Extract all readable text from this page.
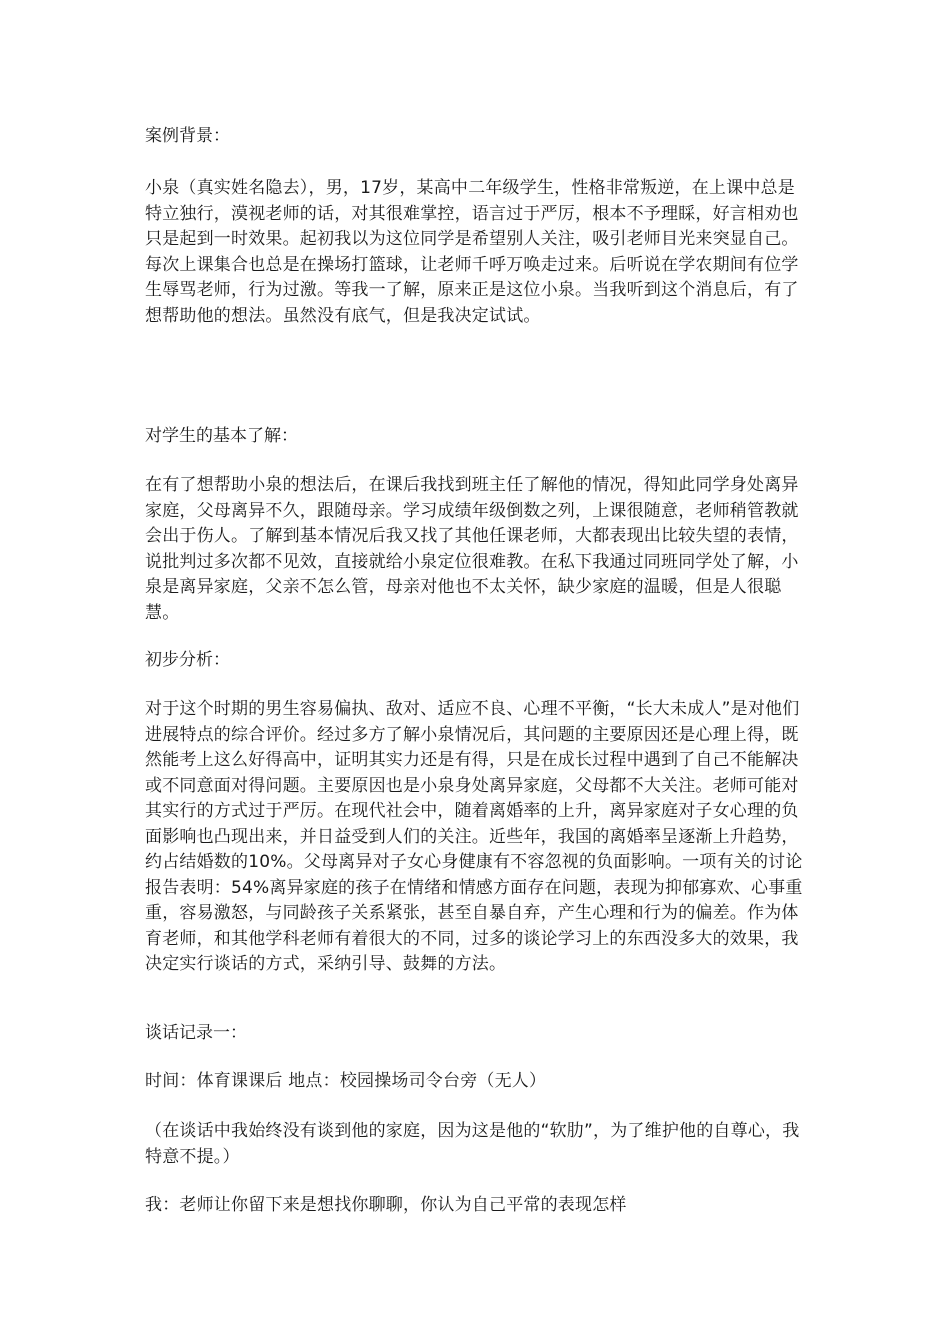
案例背景：

小泉（真实姓名隐去），男，17岁，某高中二年级学生，性格非常叛逆，在上课中总是特立独行，漠视老师的话，对其很难掌控，语言过于严厉，根本不予理睬，好言相劝也只是起到一时效果。起初我以为这位同学是希望别人关注，吸引老师目光来突显自己。每次上课集合也总是在操场打篮球，让老师千呼万唤走过来。后听说在学农期间有位学生辱骂老师，行为过激。等我一了解，原来正是这位小泉。当我听到这个消息后，有了想帮助他的想法。虽然没有底气，但是我决定试试。

对学生的基本了解：

在有了想帮助小泉的想法后，在课后我找到班主任了解他的情况，得知此同学身处离异家庭，父母离异不久，跟随母亲。学习成绩年级倒数之列，上课很随意，老师稍管教就会出于伤人。了解到基本情况后我又找了其他任课老师，大都表现出比较失望的表情，说批判过多次都不见效，直接就给小泉定位很难教。在私下我通过同班同学处了解，小泉是离异家庭，父亲不怎么管，母亲对他也不太关怀，缺少家庭的温暖，但是人很聪慧。

初步分析：

对于这个时期的男生容易偏执、敌对、适应不良、心理不平衡，“长大未成人”是对他们进展特点的综合评价。经过多方了解小泉情况后，其问题的主要原因还是心理上得，既然能考上这么好得高中，证明其实力还是有得，只是在成长过程中遇到了自己不能解决或不同意面对得问题。主要原因也是小泉身处离异家庭，父母都不大关注。老师可能对其实行的方式过于严厉。在现代社会中，随着离婚率的上升，离异家庭对子女心理的负面影响也凸现出来，并日益受到人们的关注。近些年，我国的离婚率呈逐渐上升趋势，约占结婚数的10%。父母离异对子女心身健康有不容忽视的负面影响。一项有关的讨论报告表明：54%离异家庭的孩子在情绪和情感方面存在问题，表现为抑郁寡欢、心事重重，容易激怒，与同龄孩子关系紧张，甚至自暴自弃，产生心理和行为的偏差。作为体育老师，和其他学科老师有着很大的不同，过多的谈论学习上的东西没多大的效果，我决定实行谈话的方式，采纳引导、鼓舞的方法。

谈话记录一：

时间：体育课课后 地点：校园操场司令台旁（无人）

（在谈话中我始终没有谈到他的家庭，因为这是他的“软肋”，为了维护他的自尊心，我特意不提。）

我：老师让你留下来是想找你聊聊，你认为自己平常的表现怎样
